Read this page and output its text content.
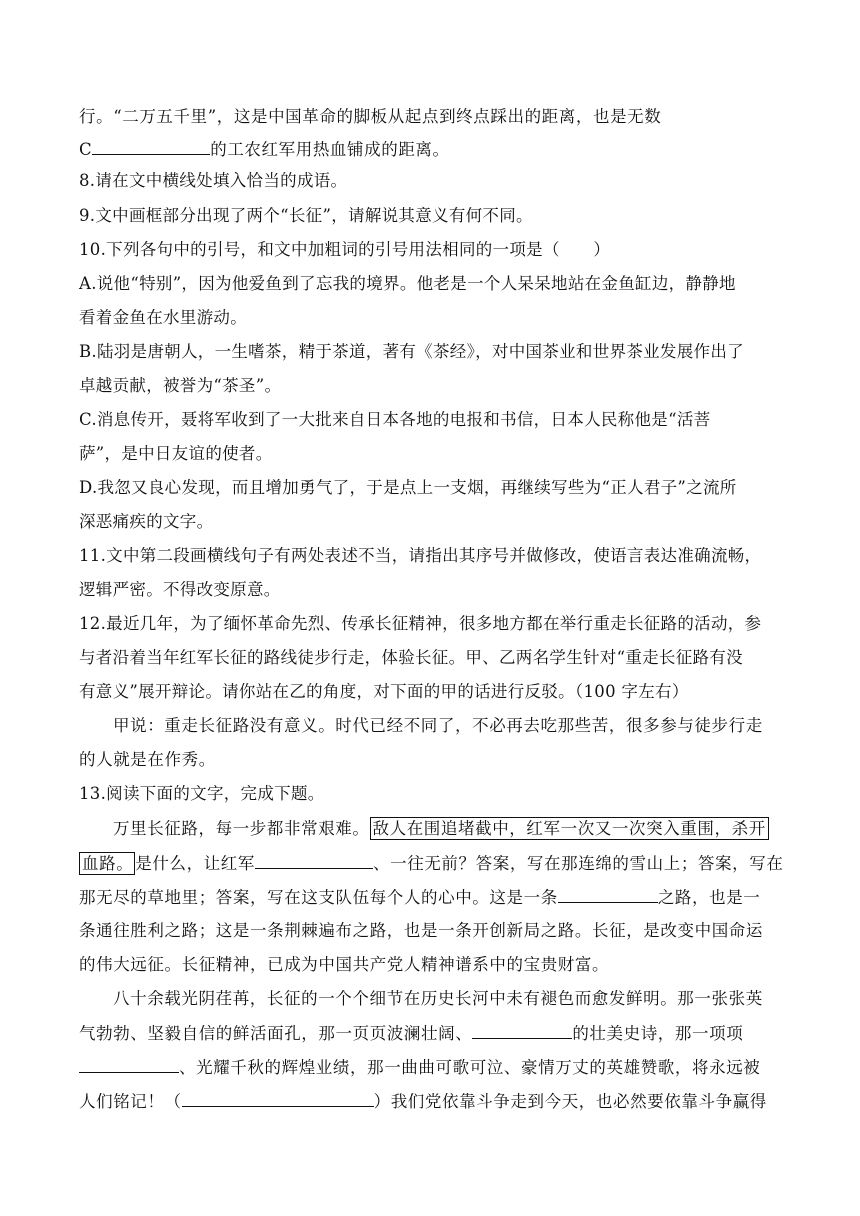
行。“二万五千里”，这是中国革命的脚板从起点到终点踩出的距离，也是无数
C	的工农红军用热血铺成的距离。
8.请在文中横线处填入恰当的成语。
9.文中画框部分出现了两个“长征”，请解说其意义有何不同。
10.下列各句中的引号，和文中加粗词的引号用法相同的一项是（　　）
A.说他“特别”，因为他爱鱼到了忘我的境界。他老是一个人呆呆地站在金鱼缸边，静静地
看着金鱼在水里游动。
B.陆羽是唐朝人，一生嗜茶，精于茶道，著有《茶经》，对中国茶业和世界茶业发展作出了
卓越贡献，被誉为“茶圣”。
C.消息传开，聂将军收到了一大批来自日本各地的电报和书信，日本人民称他是“活菩
萨”，是中日友谊的使者。
D.我忽又良心发现，而且增加勇气了，于是点上一支烟，再继续写些为“正人君子”之流所
深恶痛疾的文字。
11.文中第二段画横线句子有两处表述不当，请指出其序号并做修改，使语言表达准确流畅，
逻辑严密。不得改变原意。
12.最近几年，为了缅怀革命先烈、传承长征精神，很多地方都在举行重走长征路的活动，参
与者沿着当年红军长征的路线徒步行走，体验长征。甲、乙两名学生针对“重走长征路有没
有意义”展开辩论。请你站在乙的角度，对下面的甲的话进行反驳。（100 字左右）
甲说：重走长征路没有意义。时代已经不同了，不必再去吃那些苦，很多参与徒步行走
的人就是在作秀。
13.阅读下面的文字，完成下题。
万里长征路，每一步都非常艰难。 敌人在围追堵截中，红军一次又一次突入重围，杀开
血路。 是什么，让红军	、一往无前？答案，写在那连绵的雪山上；答案，写在
那无尽的草地里；答案，写在这支队伍每个人的心中。这是一条	之路，也是一
条通往胜利之路；这是一条荆棘遍布之路，也是一条开创新局之路。长征，是改变中国命运
的伟大远征。长征精神，已成为中国共产党人精神谱系中的宝贵财富。
八十余载光阴荏苒，长征的一个个细节在历史长河中未有褪色而愈发鲜明。那一张张英
气勃勃、坚毅自信的鲜活面孔，那一页页波澜壮阔、	的壮美史诗，那一项项
、光耀千秋的辉煌业绩，那一曲曲可歌可泣、豪情万丈的英雄赞歌，将永远被
人们铭记！（	）我们党依靠斗争走到今天，也必然要依靠斗争赢得
